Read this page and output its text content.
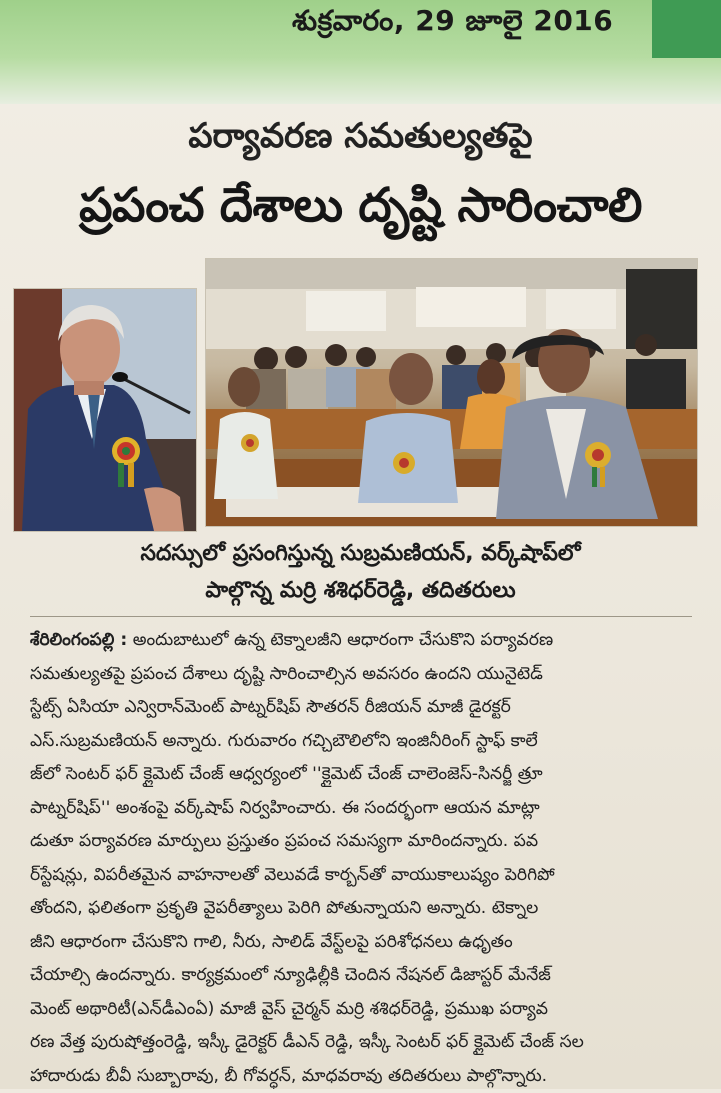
శుక్రవారం, 29 జూలై 2016
పర్యావరణ సమతుల్యతపై
ప్రపంచ దేశాలు దృష్టి సారించాలి
సదస్సులో ప్రసంగిస్తున్న సుబ్రమణియన్, వర్క్‌షాప్‌లో
పాల్గొన్న మర్రి శశిధర్‌రెడ్డి, తదితరులు
శేరిలింగంపల్లి : అందుబాటులో ఉన్న టెక్నాలజీని ఆధారంగా చేసుకొని పర్యావరణ
సమతుల్యతపై ప్రపంచ దేశాలు దృష్టి సారించాల్సిన అవసరం ఉందని యునైటెడ్
స్టేట్స్ ఏసియా ఎన్విరాన్‌మెంట్ పాట్నర్‌షిప్ సౌతరన్ రీజియన్ మాజీ డైరక్టర్
ఎస్.సుబ్రమణియన్ అన్నారు. గురువారం గచ్చిబౌలిలోని ఇంజినీరింగ్ స్టాఫ్ కాలే
జ్‌లో సెంటర్ ఫర్ క్లైమెట్ చేంజ్ ఆధ్వర్యంలో ''క్లైమెట్ చేంజ్ చాలెంజెస్-సినర్జీ త్రూ
పాట్నర్‌షిప్'' అంశంపై వర్క్‌షాప్ నిర్వహించారు. ఈ సందర్భంగా ఆయన మాట్లా
డుతూ పర్యావరణ మార్పులు ప్రస్తుతం ప్రపంచ సమస్యగా మారిందన్నారు. పవ
ర్‌స్టేషన్లు, విపరీతమైన వాహనాలతో వెలువడే కార్బన్‌తో వాయుకాలుష్యం పెరిగిపో
తోందని, ఫలితంగా ప్రకృతి వైపరీత్యాలు పెరిగి పోతున్నాయని అన్నారు. టెక్నాల
జీని ఆధారంగా చేసుకొని గాలి, నీరు, సాలిడ్ వేస్ట్‌లపై పరిశోధనలు ఉధృతం
చేయాల్సి ఉందన్నారు. కార్యక్రమంలో న్యూఢిల్లీకి చెందిన నేషనల్ డిజాస్టర్ మేనేజ్
మెంట్ అథారిటీ(ఎన్‌డీఎంఏ) మాజీ వైస్ చైర్మన్ మర్రి శశిధర్‌రెడ్డి, ప్రముఖ పర్యావ
రణ వేత్త పురుషోత్తంరెడ్డి, ఇస్కీ డైరెక్టర్ డీఎన్ రెడ్డి, ఇస్కీ సెంటర్ ఫర్ క్లైమెట్ చేంజ్ సల
హాదారుడు బీవీ సుబ్బారావు, బీ గోవర్ధన్, మాధవరావు తదితరులు పాల్గొన్నారు.
